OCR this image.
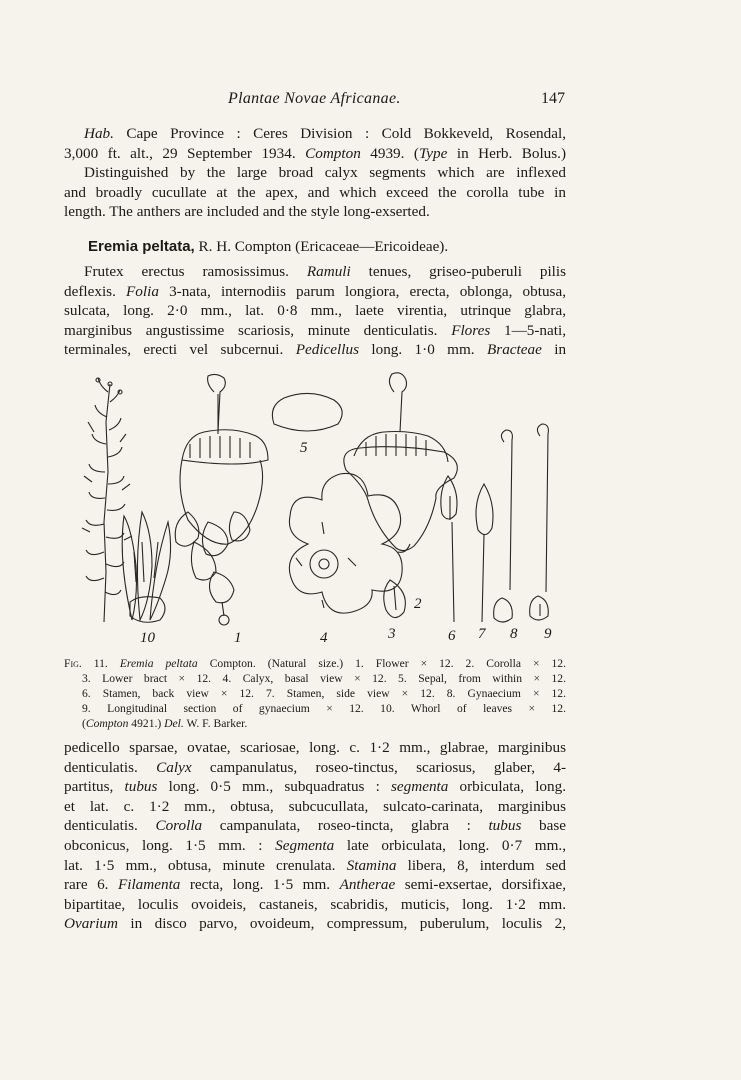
Plantae Novae Africanae.	147
Hab. Cape Province : Ceres Division : Cold Bokkeveld, Rosendal,
3,000 ft. alt., 29 September 1934. Compton 4939. (Type in Herb. Bolus.)
Distinguished by the large broad calyx segments which are inflexed
and broadly cucullate at the apex, and which exceed the corolla tube in
length. The anthers are included and the style long-exserted.
Eremia peltata, R. H. Compton (Ericaceae—Ericoideae).
Frutex erectus ramosissimus. Ramuli tenues, griseo-puberuli pilis
deflexis. Folia 3-nata, internodiis parum longiora, erecta, oblonga, obtusa,
sulcata, long. 2·0 mm., lat. 0·8 mm., laete virentia, utrinque glabra,
marginibus angustissime scariosis, minute denticulatis. Flores 1—5-nati,
terminales, erecti vel subcernui. Pedicellus long. 1·0 mm. Bracteae in
5
2
10	1	4	3	6 7 8 9
Fig. 11. Eremia peltata Compton. (Natural size.) 1. Flower × 12. 2. Corolla × 12.
3. Lower bract × 12. 4. Calyx, basal view × 12. 5. Sepal, from within × 12.
6. Stamen, back view × 12. 7. Stamen, side view × 12. 8. Gynaecium × 12.
9. Longitudinal section of gynaecium × 12. 10. Whorl of leaves × 12.
(Compton 4921.) Del. W. F. Barker.
pedicello sparsae, ovatae, scariosae, long. c. 1·2 mm., glabrae, marginibus
denticulatis. Calyx campanulatus, roseo-tinctus, scariosus, glaber, 4-
partitus, tubus long. 0·5 mm., subquadratus : segmenta orbiculata, long.
et lat. c. 1·2 mm., obtusa, subcucullata, sulcato-carinata, marginibus
denticulatis. Corolla campanulata, roseo-tincta, glabra : tubus base
obconicus, long. 1·5 mm. : Segmenta late orbiculata, long. 0·7 mm.,
lat. 1·5 mm., obtusa, minute crenulata. Stamina libera, 8, interdum sed
rare 6. Filamenta recta, long. 1·5 mm. Antherae semi-exsertae, dorsifixae,
bipartitae, loculis ovoideis, castaneis, scabridis, muticis, long. 1·2 mm.
Ovarium in disco parvo, ovoideum, compressum, puberulum, loculis 2,
